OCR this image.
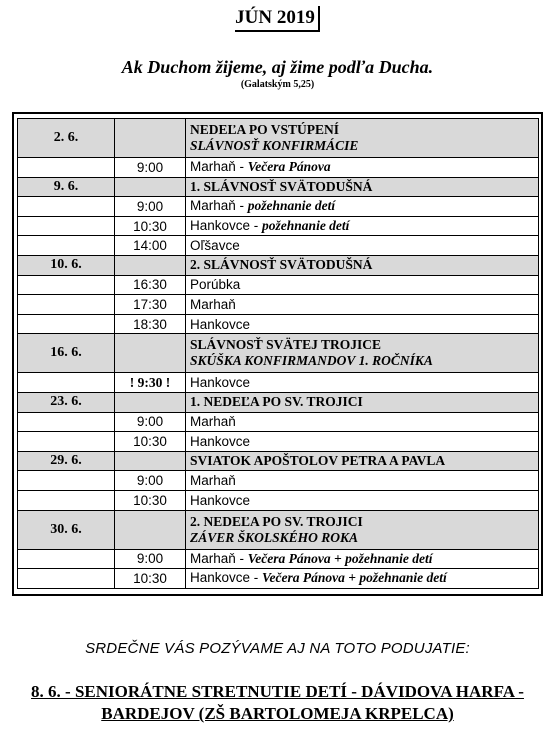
JÚN 2019
Ak Duchom žijeme, aj žime podľa Ducha.
(Galatským 5,25)
2. 6.		NEDEĽA PO VSTÚPENÍ
SLÁVNOSŤ KONFIRMÁCIE

	9:00	Marhaň - Večera Pánova
9. 6.		1. SLÁVNOSŤ SVÄTODUŠNÁ
	9:00	Marhaň - požehnanie detí
	10:30	Hankovce - požehnanie detí
	14:00	Oľšavce
10. 6.		2. SLÁVNOSŤ SVÄTODUŠNÁ
	16:30	Porúbka
	17:30	Marhaň
	18:30	Hankovce
16. 6.		SLÁVNOSŤ SVÄTEJ TROJICE
SKÚŠKA KONFIRMANDOV 1. ROČNÍKA

	! 9:30 !	Hankovce
23. 6.		1. NEDEĽA PO SV. TROJICI
	9:00	Marhaň
	10:30	Hankovce
29. 6.		SVIATOK APOŠTOLOV PETRA A PAVLA
	9:00	Marhaň
	10:30	Hankovce
30. 6.		2. NEDEĽA PO SV. TROJICI
ZÁVER ŠKOLSKÉHO ROKA

	9:00	Marhaň - Večera Pánova + požehnanie detí
	10:30	Hankovce - Večera Pánova + požehnanie detí
SRDEČNE VÁS POZÝVAME AJ NA TOTO PODUJATIE:
8. 6. - SENIORÁTNE STRETNUTIE DETÍ - DÁVIDOVA HARFA -
BARDEJOV (ZŠ BARTOLOMEJA KRPELCA)
